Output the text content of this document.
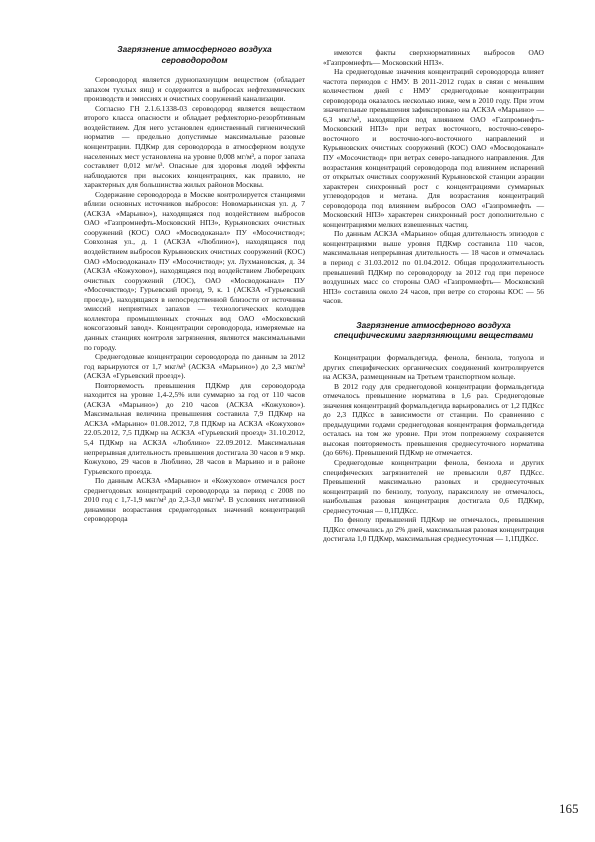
Загрязнение атмосферного воздуха сероводородом

Сероводород является дурнопахнущим веществом (обладает запахом тухлых яиц) и содержится в выбросах нефтехимических производств и эмиссиях и очистных сооружений канализации.

Согласно ГН 2.1.6.1338-03 сероводород является веществом второго класса опасности и обладает рефлекторно-резорбтивным воздействием. Для него установлен единственный гигиенический норматив — предельно допустимые максимальные разовые концентрации. ПДКмр для сероводорода в атмосферном воздухе населенных мест установлена на уровне 0,008 мг/м³, а порог запаха составляет 0,012 мг/м³. Опасные для здоровья людей эффекты наблюдаются при высоких концентрациях, как правило, не характерных для большинства жилых районов Москвы.

Содержание сероводорода в Москве контролируется станциями вблизи основных источников выбросов: Новомарьинская ул. д. 7 (АСКЗА «Марьино»), находящаяся под воздействием выбросов ОАО «Газпромнефть-Московский НПЗ», Курьяновских очистных сооружений (КОС) ОАО «Мосводоканал» ПУ «Мосочиствод»; Совхозная ул., д. 1 (АСКЗА «Люблино»), находящаяся под воздействием выбросов Курьяновских очистных сооружений (КОС) ОАО «Мосводоканал» ПУ «Мосочиствод»; ул. Лухмановская, д. 34 (АСКЗА «Кожухово»), находящаяся под воздействием Люберецких очистных сооружений (ЛОС), ОАО «Мосводоканал» ПУ «Мосочиствод»; Гурьевский проезд, 9, к. 1 (АСКЗА «Гурьевский проезд»), находящаяся в непосредственной близости от источника эмиссий неприятных запахов — технологических колодцев коллектора промышленных сточных вод ОАО «Московский коксогазовый завод». Концентрации сероводорода, измеряемые на данных станциях контроля загрязнения, являются максимальными по городу.

Среднегодовые концентрации сероводорода по данным за 2012 год варьируются от 1,7 мкг/м³ (АСКЗА «Марьино») до 2,3 мкг/м³ (АСКЗА «Гурьевский проезд»).

Повторяемость превышения ПДКмр для сероводорода находится на уровне 1,4-2,5% или суммарно за год от 110 часов (АСКЗА «Марьино») до 210 часов (АСКЗА «Кожухово»). Максимальная величина превышения составила 7,9 ПДКмр на АСКЗА «Марьино» 01.08.2012, 7,8 ПДКмр на АСКЗА «Кожухово» 22.05.2012, 7,5 ПДКмр на АСКЗА «Гурьевский проезд» 31.10.2012, 5,4 ПДКмр на АСКЗА «Люблино» 22.09.2012. Максимальная непрерывная длительность превышения достигала 30 часов в 9 мкр. Кожухово, 29 часов в Люблино, 28 часов в Марьино и в районе Гурьевского проезда.

По данным АСКЗА «Марьино» и «Кожухово» отмечался рост среднегодовых концентраций сероводорода за период с 2008 по 2010 год с 1,7-1,9 мкг/м³ до 2,3-3,0 мкг/м³. В условиях негативной динамики возрастания среднегодовых значений концентраций сероводорода

имеются факты сверхнормативных выбросов ОАО «Газпромнефть— Московский НПЗ».

На среднегодовые значения концентраций сероводорода влияет частота периодов с НМУ. В 2011-2012 годах в связи с меньшим количеством дней с НМУ среднегодовые концентрации сероводорода оказалось несколько ниже, чем в 2010 году. При этом значительные превышения зафиксировано на АСКЗА «Марьино» — 6,3 мкг/м³, находящейся под влиянием ОАО «Газпромнефть-Московский НПЗ» при ветрах восточного, восточно-северо-восточного и восточно-юго-восточного направлений и Курьяновских очистных сооружений (КОС) ОАО «Мосводоканал» ПУ «Мосочиствод» при ветрах северо-западного направления. Для возрастания концентраций сероводорода под влиянием испарений от открытых очистных сооружений Курьяновской станции аэрации характерен синхронный рост с концентрациями суммарных углеводородов и метана. Для возрастания концентраций сероводорода под влиянием выбросов ОАО «Газпромнефть — Московский НПЗ» характерен синхронный рост дополнительно с концентрациями мелких взвешенных частиц.

По данным АСКЗА «Марьино» общая длительность эпизодов с концентрациями выше уровня ПДКмр составила 110 часов, максимальная непрерывная длительность — 18 часов и отмечалась в период с 31.03.2012 по 01.04.2012. Общая продолжительность превышений ПДКмр по сероводороду за 2012 год при переносе воздушных масс со стороны ОАО «Газпромнефть— Московский НПЗ» составила около 24 часов, при ветре со стороны КОС — 56 часов.

Загрязнение атмосферного воздуха специфическими загрязняющими веществами

Концентрации формальдегида, фенола, бензола, толуола и других специфических органических соединений контролируется на АСКЗА, размещенным на Третьем транспортном кольце.

В 2012 году для среднегодовой концентрации формальдегида отмечалось превышение норматива в 1,6 раз. Среднегодовые значения концентраций формальдегида варьировались от 1,2 ПДКсс до 2,3 ПДКсс в зависимости от станции. По сравнению с предыдущими годами среднегодовая концентрация формальдегида осталась на том же уровне. При этом попрежнему сохраняется высокая повторяемость превышения среднесуточного норматива (до 66%). Превышений ПДКмр не отмечается.

Среднегодовые концентрации фенола, бензола и других специфических загрязнителей не превысили 0,87 ПДКсс. Превышений максимально разовых и среднесуточных концентраций по бензолу, толуолу, параксилолу не отмечалось, наибольшая разовая концентрация достигала 0,6 ПДКмр, среднесуточная — 0,1ПДКсс.

По фенолу превышений ПДКмр не отмечалось, превышения ПДКсс отмечались до 2% дней, максимальная разовая концентрация достигала 1,0 ПДКмр, максимальная среднесуточная — 1,1ПДКсс.

165
